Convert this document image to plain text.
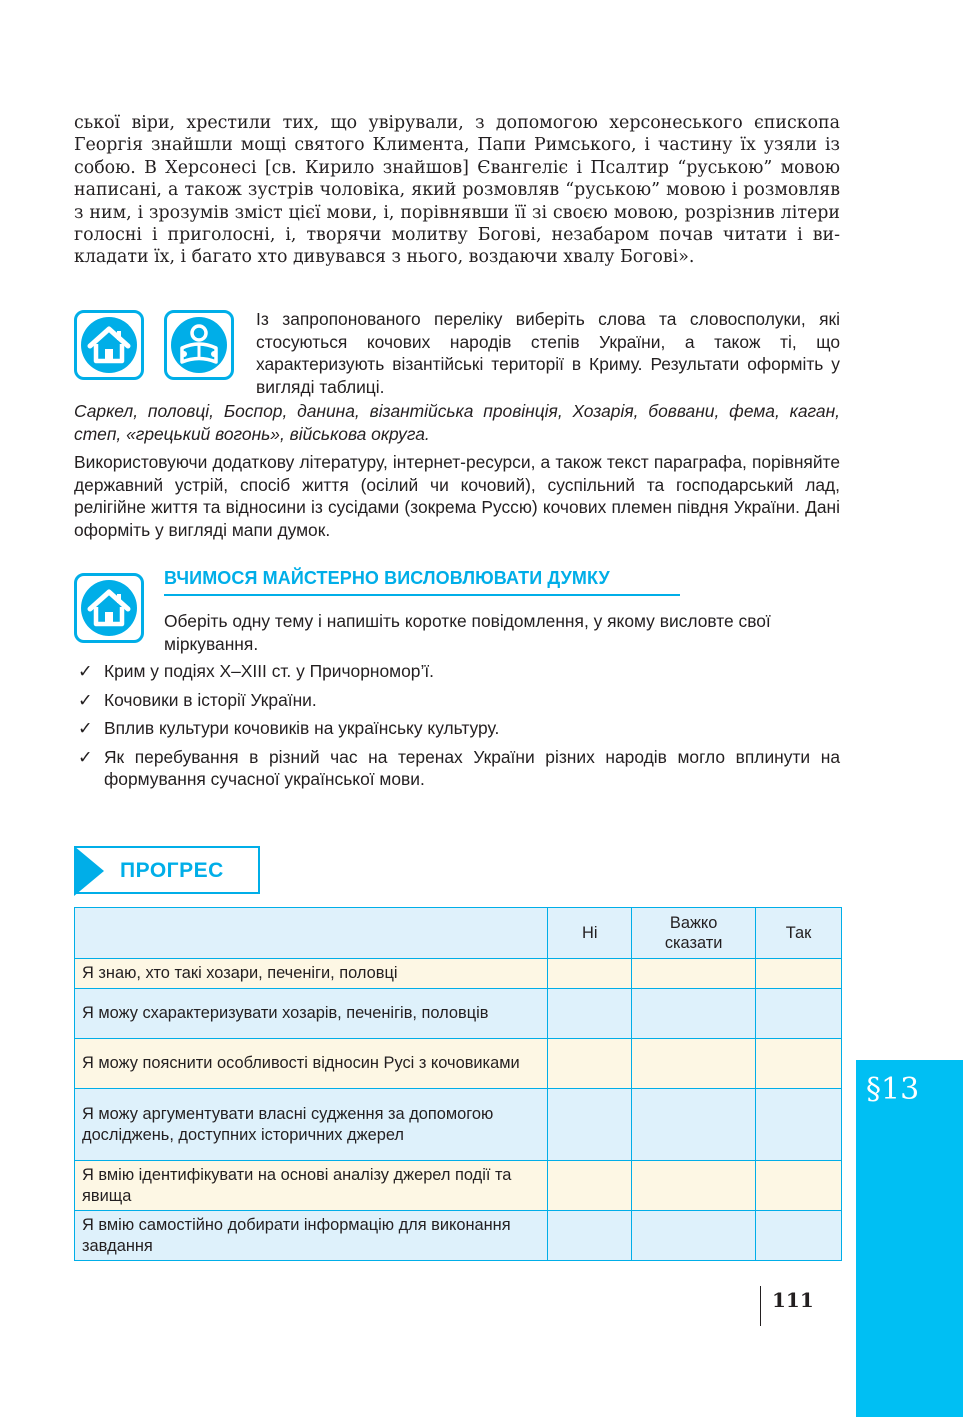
ської віри, хрестили тих, що увірували, з допомогою херсонеського єпископа Георгія знайшли мощі святого Климента, Папи Римського, і частину їх узяли із собою. В Херсонесі [св. Кирило знайшов] Євангеліє і Псалтир “руською” мовою написані, а також зустрів чоловіка, який розмовляв “руською” мовою і розмовляв з ним, і зрозумів зміст цієї мови, і, порівнявши її зі своєю мовою, розрізнив літери голосні і приголосні, і, творячи молитву Богові, незабаром почав читати і викладати їх, і багато хто дивувався з нього, воздаючи хвалу Богові».

Із запропонованого переліку виберіть слова та словосполуки, які стосуються кочових народів степів України, а також ті, що характеризують візантійські території в Криму. Результати оформіть у вигляді таблиці.
Саркел, половці, Боспор, данина, візантійська провінція, Хозарія, боввани, фема, каган, степ, «грецький вогонь», військова округа.
Використовуючи додаткову літературу, інтернет-ресурси, а також текст параграфа, порівняйте державний устрій, спосіб життя (осілий чи кочовий), суспільний та господарський лад, релігійне життя та відносини із сусідами (зокрема Руссю) кочових племен півдня України. Дані оформіть у вигляді мапи думок.
ВЧИМОСЯ МАЙСТЕРНО ВИСЛОВЛЮВАТИ ДУМКУ
Оберіть одну тему і напишіть коротке повідомлення, у якому висловте свої міркування.
✓ Крим у подіях Х–ХІІІ ст. у Причорномор’ї.
✓ Кочовики в історії України.
✓ Вплив культури кочовиків на українську культуру.
✓ Як перебування в різний час на теренах України різних народів могло вплинути на формування сучасної української мови.
ПРОГРЕС
	Ні	Важко сказати	Так
Я знаю, хто такі хозари, печеніги, половці			
Я можу схарактеризувати хозарів, печенігів, половців			
Я можу пояснити особливості відносин Русі з кочовиками			
Я можу аргументувати власні судження за допомогою досліджень, доступних історичних джерел			
Я вмію ідентифікувати на основі аналізу джерел події та явища			
Я вмію самостійно добирати інформацію для виконання завдання			
111
§13
